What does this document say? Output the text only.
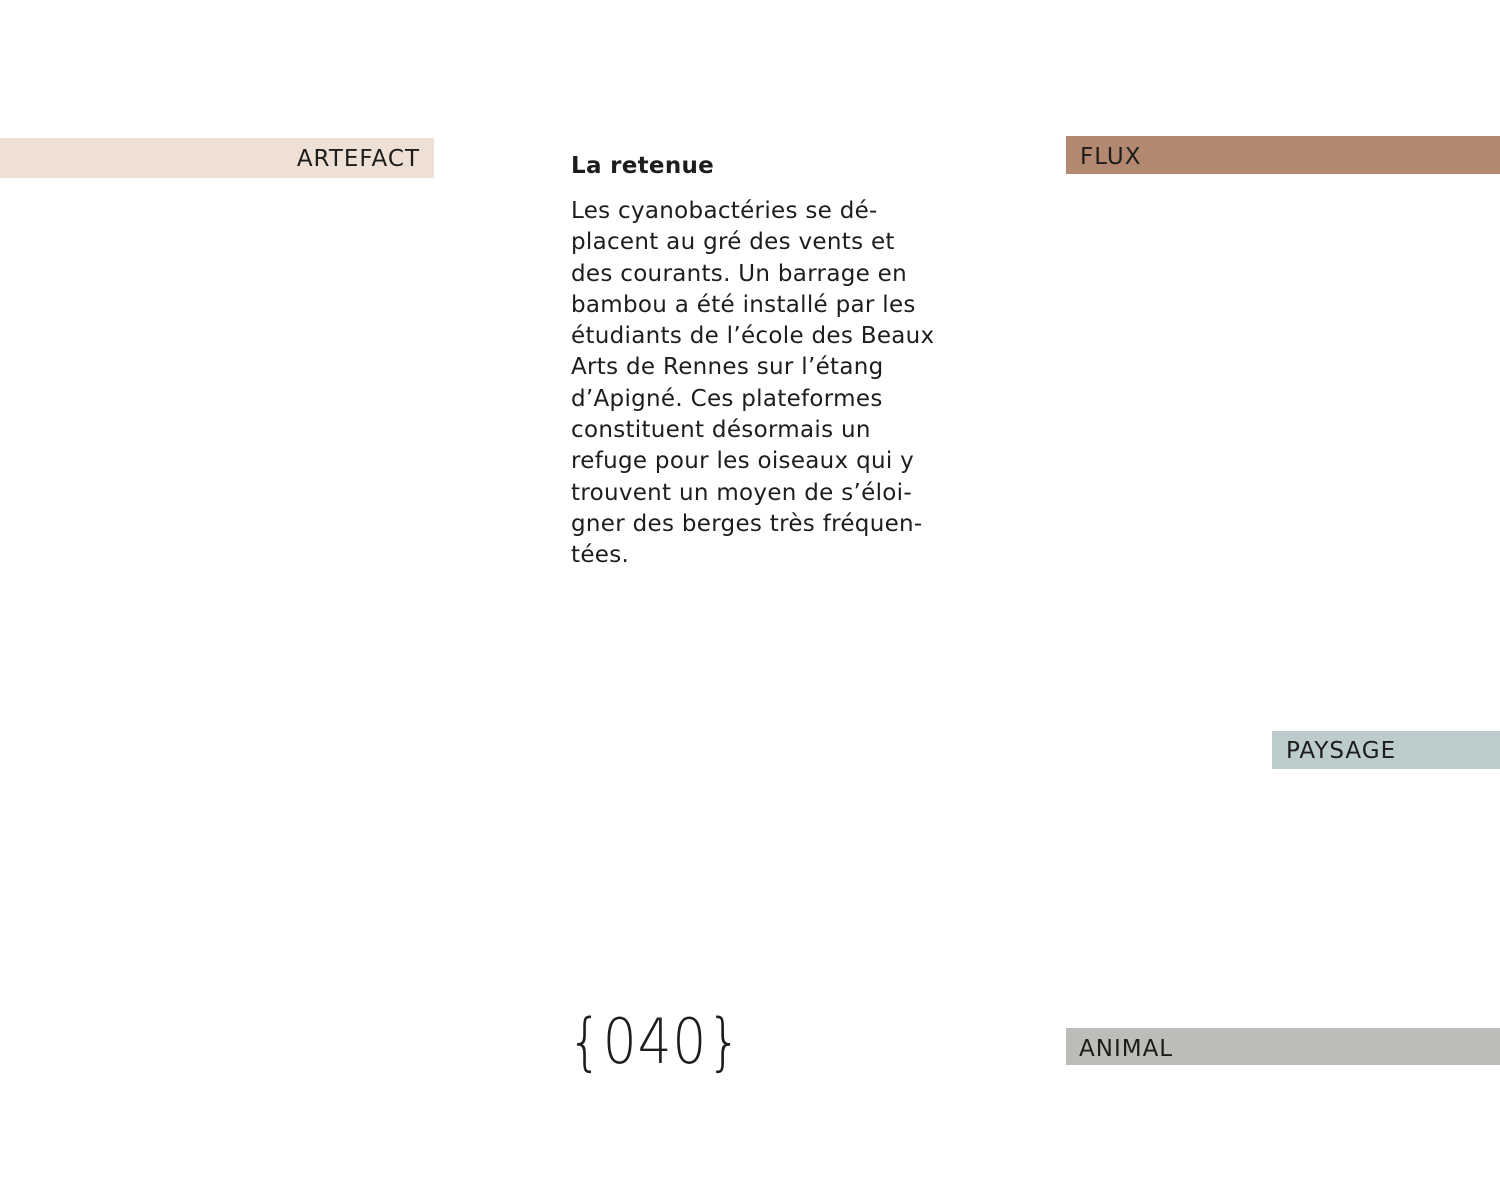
ARTEFACT	FLUX
PAYSAGE
ANIMAL
La retenue
Les cyanobactéries se dé-
placent au gré des vents et
des courants. Un barrage en
bambou a été installé par les
étudiants de l’école des Beaux
Arts de Rennes sur l’étang
d’Apigné. Ces plateformes
constituent désormais un
refuge pour les oiseaux qui y
trouvent un moyen de s’éloi-
gner des berges très fréquen-
tées.
{040}
